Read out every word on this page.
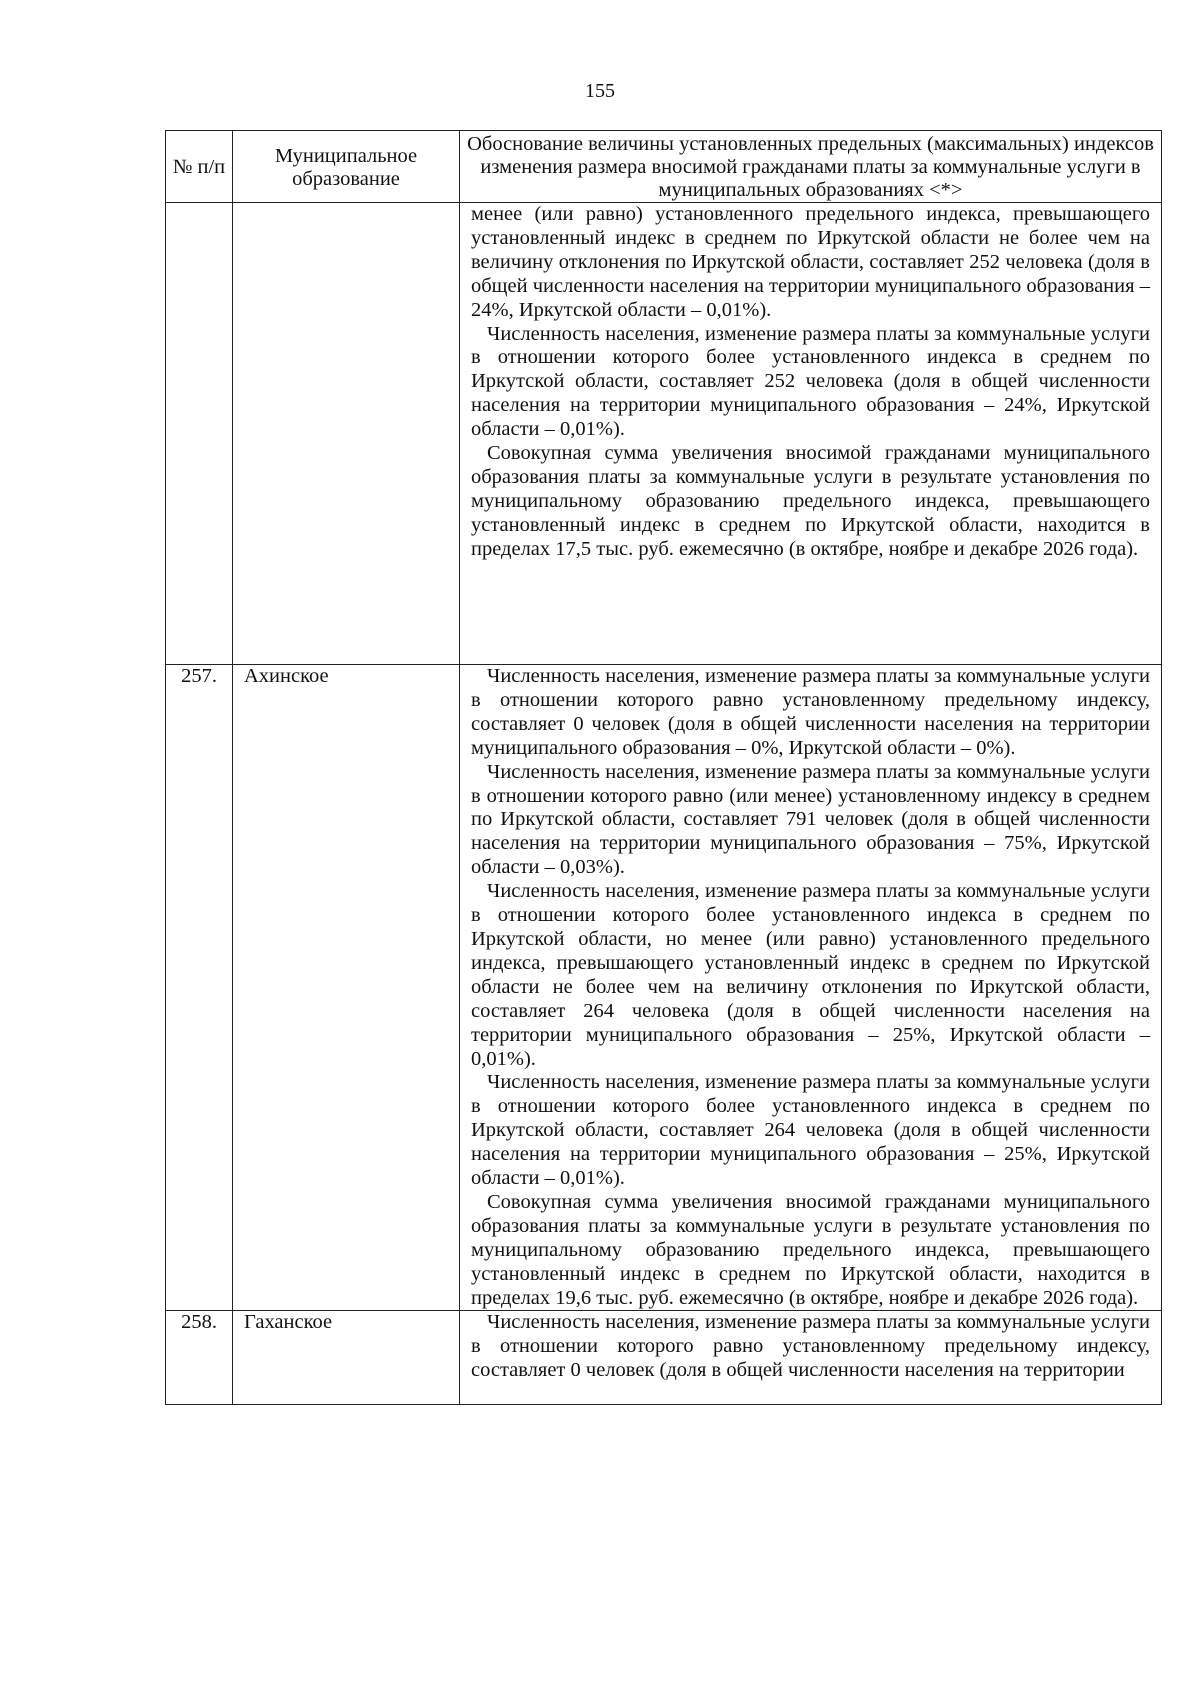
155
№ п/п	Муниципальное образование	Обоснование величины установленных предельных (максимальных) индексов изменения размера вносимой гражданами платы за коммунальные услуги в муниципальных образованиях <*>

		менее (или равно) установленного предельного индекса, превышающего установленный индекс в среднем по Иркутской области не более чем на величину отклонения по Иркутской области, составляет 252 человека (доля в общей численности населения на территории муниципального образования – 24%, Иркутской области – 0,01%).

Численность населения, изменение размера платы за коммунальные услуги в отношении которого более установленного индекса в среднем по Иркутской области, составляет 252 человека (доля в общей численности населения на территории муниципального образования – 24%, Иркутской области – 0,01%).

Совокупная сумма увеличения вносимой гражданами муниципального образования платы за коммунальные услуги в результате установления по муниципальному образованию предельного индекса, превышающего установленный индекс в среднем по Иркутской области, находится в пределах 17,5 тыс. руб. ежемесячно (в октябре, ноябре и декабре 2026 года).

257.	Ахинское	Численность населения, изменение размера платы за коммунальные услуги в отношении которого равно установленному предельному индексу, составляет 0 человек (доля в общей численности населения на территории муниципального образования – 0%, Иркутской области – 0%).

Численность населения, изменение размера платы за коммунальные услуги в отношении которого равно (или менее) установленному индексу в среднем по Иркутской области, составляет 791 человек (доля в общей численности населения на территории муниципального образования – 75%, Иркутской области – 0,03%).

Численность населения, изменение размера платы за коммунальные услуги в отношении которого более установленного индекса в среднем по Иркутской области, но менее (или равно) установленного предельного индекса, превышающего установленный индекс в среднем по Иркутской области не более чем на величину отклонения по Иркутской области, составляет 264 человека (доля в общей численности населения на территории муниципального образования – 25%, Иркутской области – 0,01%).

Численность населения, изменение размера платы за коммунальные услуги в отношении которого более установленного индекса в среднем по Иркутской области, составляет 264 человека (доля в общей численности населения на территории муниципального образования – 25%, Иркутской области – 0,01%).

Совокупная сумма увеличения вносимой гражданами муниципального образования платы за коммунальные услуги в результате установления по муниципальному образованию предельного индекса, превышающего установленный индекс в среднем по Иркутской области, находится в пределах 19,6 тыс. руб. ежемесячно (в октябре, ноябре и декабре 2026 года).

258.	Гаханское	Численность населения, изменение размера платы за коммунальные услуги в отношении которого равно установленному предельному индексу, составляет 0 человек (доля в общей численности населения на территории
